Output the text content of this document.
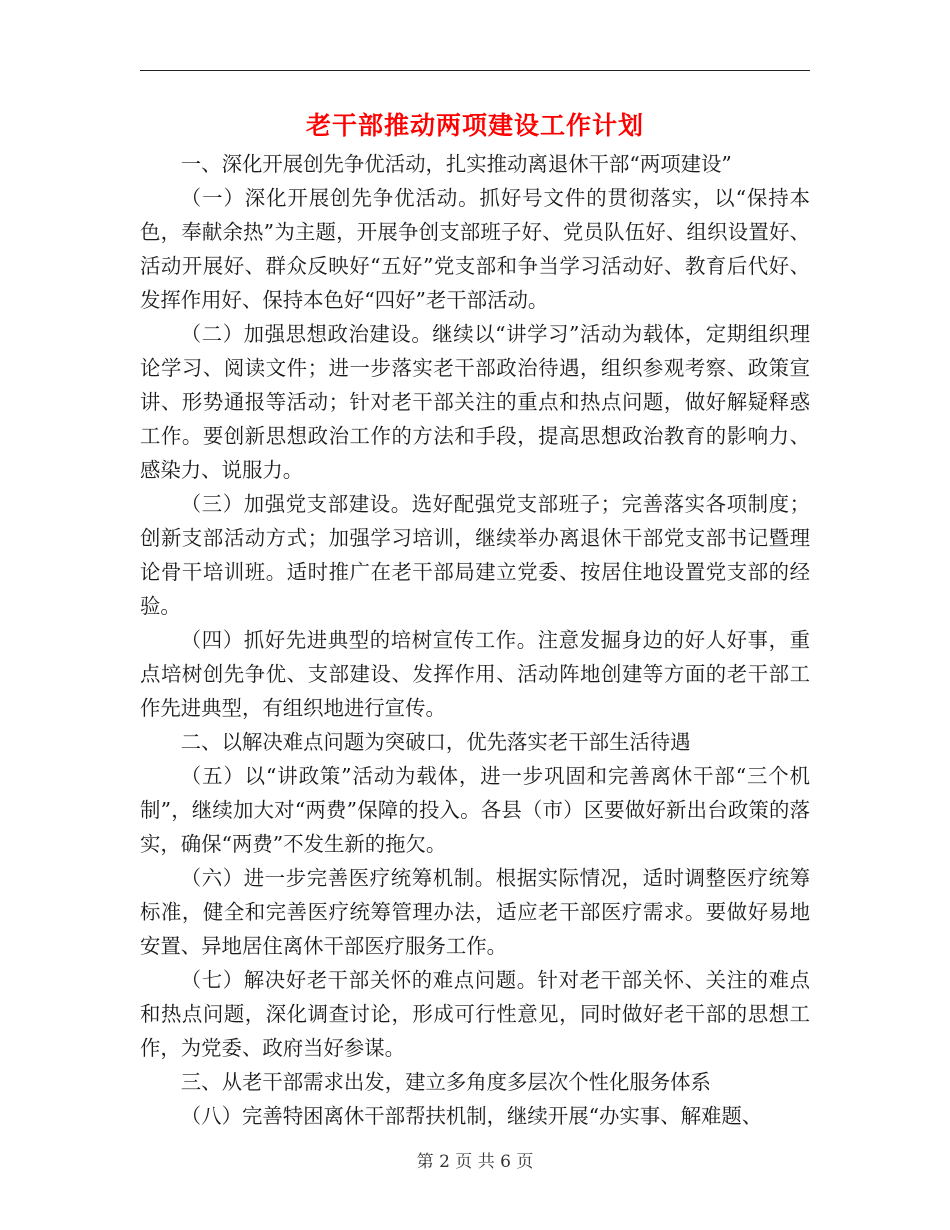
老干部推动两项建设工作计划

一、深化开展创先争优活动，扎实推动离退休干部“两项建设”

（一）深化开展创先争优活动。抓好号文件的贯彻落实，以“保持本色，奉献余热”为主题，开展争创支部班子好、党员队伍好、组织设置好、活动开展好、群众反映好“五好”党支部和争当学习活动好、教育后代好、发挥作用好、保持本色好“四好”老干部活动。

（二）加强思想政治建设。继续以“讲学习”活动为载体，定期组织理论学习、阅读文件；进一步落实老干部政治待遇，组织参观考察、政策宣讲、形势通报等活动；针对老干部关注的重点和热点问题，做好解疑释惑工作。要创新思想政治工作的方法和手段，提高思想政治教育的影响力、感染力、说服力。

（三）加强党支部建设。选好配强党支部班子；完善落实各项制度；创新支部活动方式；加强学习培训，继续举办离退休干部党支部书记暨理论骨干培训班。适时推广在老干部局建立党委、按居住地设置党支部的经验。

（四）抓好先进典型的培树宣传工作。注意发掘身边的好人好事，重点培树创先争优、支部建设、发挥作用、活动阵地创建等方面的老干部工作先进典型，有组织地进行宣传。

二、以解决难点问题为突破口，优先落实老干部生活待遇

（五）以“讲政策”活动为载体，进一步巩固和完善离休干部“三个机制”，继续加大对“两费”保障的投入。各县（市）区要做好新出台政策的落实，确保“两费”不发生新的拖欠。

（六）进一步完善医疗统筹机制。根据实际情况，适时调整医疗统筹标准，健全和完善医疗统筹管理办法，适应老干部医疗需求。要做好易地安置、异地居住离休干部医疗服务工作。

（七）解决好老干部关怀的难点问题。针对老干部关怀、关注的难点和热点问题，深化调查讨论，形成可行性意见，同时做好老干部的思想工作，为党委、政府当好参谋。

三、从老干部需求出发，建立多角度多层次个性化服务体系

（八）完善特困离休干部帮扶机制，继续开展“办实事、解难题、

第 2 页 共 6 页
